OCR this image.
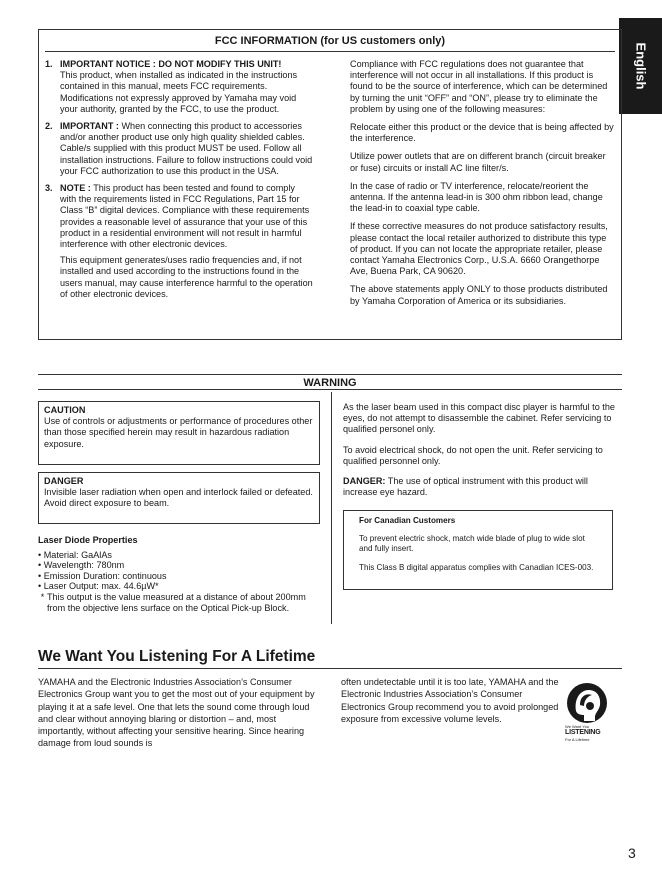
English
FCC INFORMATION (for US customers only)
1. IMPORTANT NOTICE : DO NOT MODIFY THIS UNIT!

This product, when installed as indicated in the instructions contained in this manual, meets FCC requirements. Modifications not expressly approved by Yamaha may void your authority, granted by the FCC, to use the product.

2. IMPORTANT : When connecting this product to accessories and/or another product use only high quality shielded cables. Cable/s supplied with this product MUST be used. Follow all installation instructions. Failure to follow instructions could void your FCC authorization to use this product in the USA.
3. NOTE : This product has been tested and found to comply with the requirements listed in FCC Regulations, Part 15 for Class “B” digital devices. Compliance with these requirements provides a reasonable level of assurance that your use of this product in a residential environment will not result in harmful interference with other electronic devices.

This equipment generates/uses radio frequencies and, if not installed and used according to the instructions found in the users manual, may cause interference harmful to the operation of other electronic devices.

Compliance with FCC regulations does not guarantee that interference will not occur in all installations. If this product is found to be the source of interference, which can be determined by turning the unit “OFF” and “ON”, please try to eliminate the problem by using one of the following measures:

Relocate either this product or the device that is being affected by the interference.

Utilize power outlets that are on different branch (circuit breaker or fuse) circuits or install AC line filter/s.

In the case of radio or TV interference, relocate/reorient the antenna. If the antenna lead-in is 300 ohm ribbon lead, change the lead-in to coaxial type cable.

If these corrective measures do not produce satisfactory results, please contact the local retailer authorized to distribute this type of product. If you can not locate the appropriate retailer, please contact Yamaha Electronics Corp., U.S.A. 6660 Orangethorpe Ave, Buena Park, CA 90620.

The above statements apply ONLY to those products distributed by Yamaha Corporation of America or its subsidiaries.

WARNING
CAUTION

Use of controls or adjustments or performance of procedures other than those specified herein may result in hazardous radiation exposure.

DANGER

Invisible laser radiation when open and interlock failed or defeated.

Avoid direct exposure to beam.

Laser Diode Properties
• Material: GaAlAs
• Wavelength: 780nm
• Emission Duration: continuous
• Laser Output: max. 44.6µW*
* This output is the value measured at a distance of about 200mm from the objective lens surface on the Optical Pick-up Block.

As the laser beam used in this compact disc player is harmful to the eyes, do not attempt to disassemble the cabinet. Refer servicing to qualified personel only.

To avoid electrical shock, do not open the unit. Refer servicing to qualified personnel only.

DANGER: The use of optical instrument with this product will increase eye hazard.

For Canadian Customers

To prevent electric shock, match wide blade of plug to wide slot and fully insert.

This Class B digital apparatus complies with Canadian ICES-003.

We Want You Listening For A Lifetime

YAMAHA and the Electronic Industries Association’s Consumer Electronics Group want you to get the most out of your equipment by playing it at a safe level. One that lets the sound come through loud and clear without annoying blaring or distortion – and, most importantly, without affecting your sensitive hearing. Since hearing damage from loud sounds is

often undetectable until it is too late, YAMAHA and the Electronic Industries Association’s Consumer Electronics Group recommend you to avoid prolonged exposure from excessive volume levels.

We Want You
LISTENING
For A Lifetime
3
